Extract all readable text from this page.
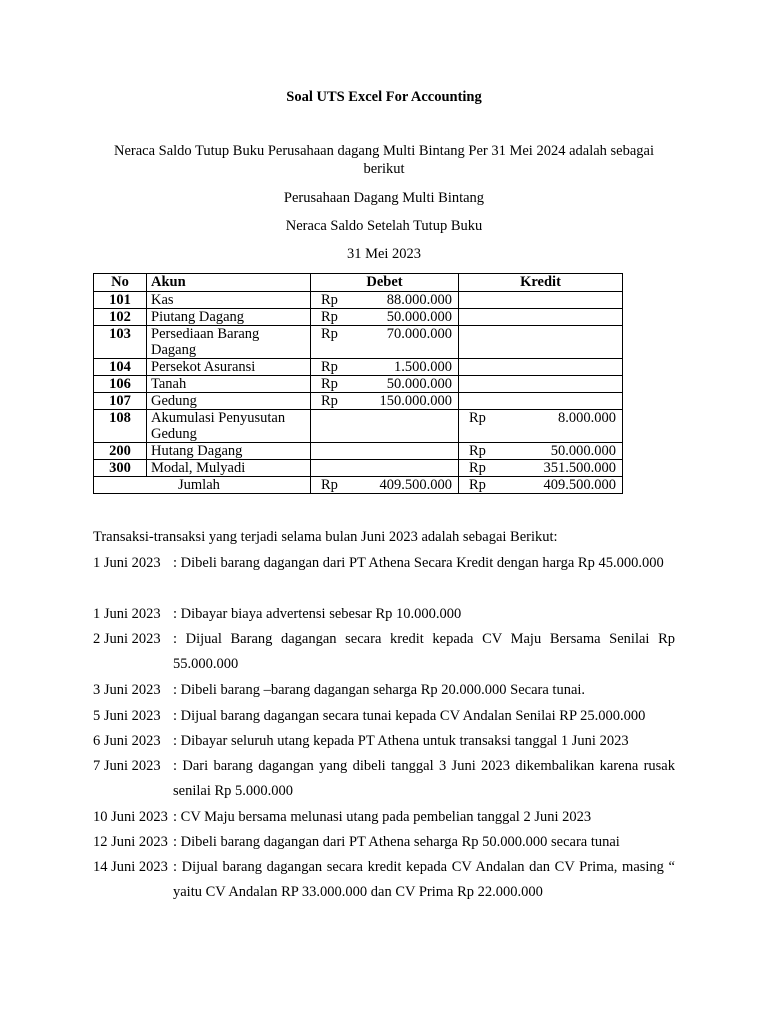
Soal UTS Excel For Accounting
Neraca Saldo Tutup Buku Perusahaan dagang Multi Bintang Per 31 Mei 2024 adalah sebagai berikut
Perusahaan Dagang Multi Bintang
Neraca Saldo Setelah Tutup Buku
31 Mei 2023
No	Akun	Debet	Kredit
101	Kas	Rp 88.000.000	

102	Piutang Dagang	Rp 50.000.000	

103	Persediaan Barang Dagang	Rp 70.000.000	

104	Persekot Asuransi	Rp 1.500.000	

106	Tanah	Rp 50.000.000	

107	Gedung	Rp 150.000.000	

108	Akumulasi Penyusutan Gedung		Rp 8.000.000

200	Hutang Dagang		Rp 50.000.000

300	Modal, Mulyadi		Rp 351.500.000

Jumlah		Rp 409.500.000	Rp 409.500.000
Transaksi-transaksi yang terjadi selama bulan Juni 2023 adalah sebagai Berikut:
1 Juni 2023 : Dibeli barang dagangan dari PT Athena Secara Kredit dengan harga Rp 45.000.000
1 Juni 2023 : Dibayar biaya advertensi sebesar Rp 10.000.000
2 Juni 2023 : Dijual Barang dagangan secara kredit kepada CV Maju Bersama Senilai Rp 55.000.000
3 Juni 2023 : Dibeli barang –barang dagangan seharga Rp 20.000.000 Secara tunai.
5 Juni 2023 : Dijual barang dagangan secara tunai kepada CV Andalan Senilai RP 25.000.000
6 Juni 2023 : Dibayar seluruh utang kepada PT Athena untuk transaksi tanggal 1 Juni 2023
7 Juni 2023 : Dari barang dagangan yang dibeli tanggal 3 Juni 2023 dikembalikan karena rusak senilai Rp 5.000.000
10 Juni 2023 : CV Maju bersama melunasi utang pada pembelian tanggal 2 Juni 2023
12 Juni 2023 : Dibeli barang dagangan dari PT Athena seharga Rp 50.000.000 secara tunai
14 Juni 2023 : Dijual barang dagangan secara kredit kepada CV Andalan dan CV Prima, masing “ yaitu CV Andalan RP 33.000.000 dan CV Prima Rp 22.000.000
